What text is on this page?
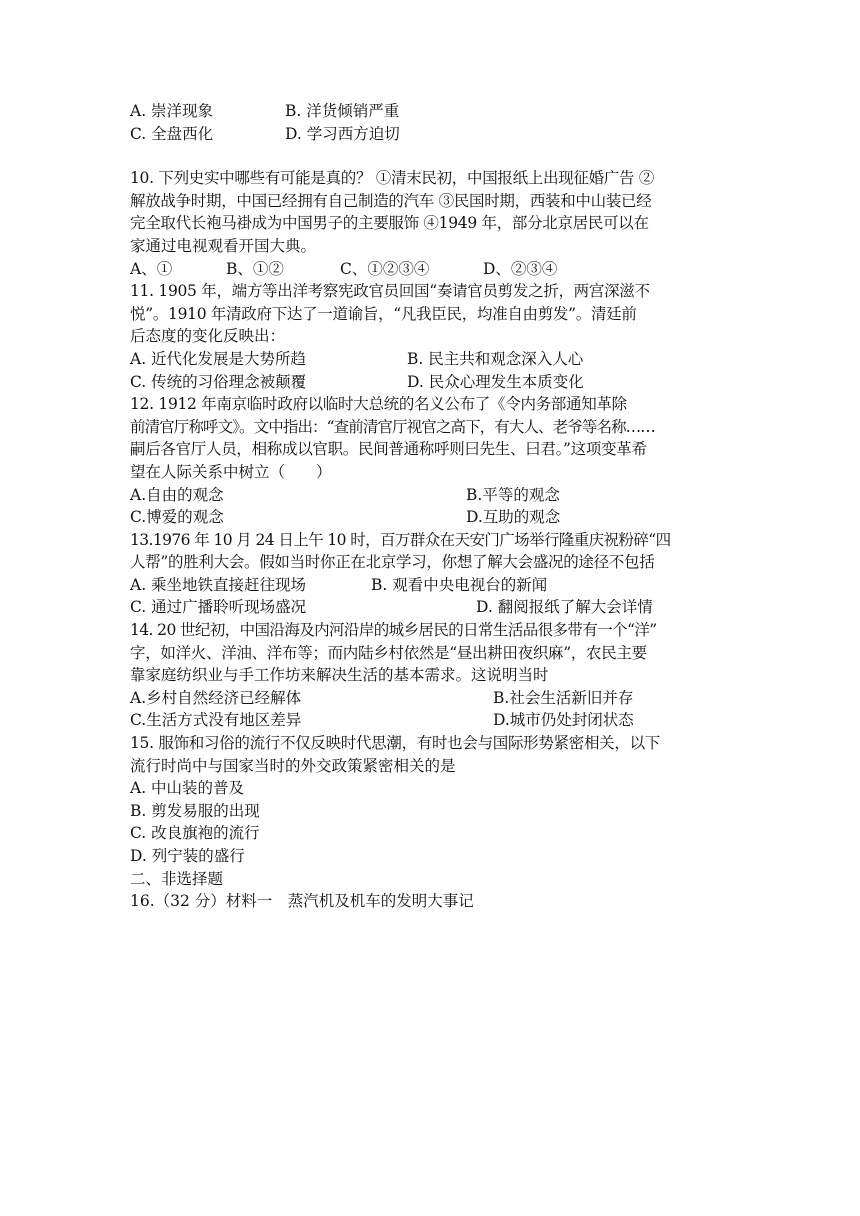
A. 崇洋现象	B. 洋货倾销严重
C. 全盘西化	D. 学习西方迫切
10. 下列史实中哪些有可能是真的？ ①清末民初，中国报纸上出现征婚广告 ②
解放战争时期，中国已经拥有自己制造的汽车 ③民国时期，西装和中山装已经
完全取代长袍马褂成为中国男子的主要服饰 ④1949 年，部分北京居民可以在
家通过电视观看开国大典。
A、①	B、①②	C、①②③④	D、②③④
11. 1905 年，端方等出洋考察宪政官员回国“奏请官员剪发之折，两宫深滋不
悦”。1910 年清政府下达了一道谕旨，“凡我臣民，均准自由剪发”。清廷前
后态度的变化反映出：
A. 近代化发展是大势所趋	B. 民主共和观念深入人心
C. 传统的习俗理念被颠覆	D. 民众心理发生本质变化
12. 1912 年南京临时政府以临时大总统的名义公布了《令内务部通知革除
前清官厅称呼文》。文中指出：“查前清官厅视官之高下，有大人、老爷等名称……
嗣后各官厅人员，相称成以官职。民间普通称呼则曰先生、曰君。”这项变革希
望在人际关系中树立（　　）
A.自由的观念	B.平等的观念
C.博爱的观念	D.互助的观念
13.1976 年 10 月 24 日上午 10 时，百万群众在天安门广场举行隆重庆祝粉碎“四
人帮”的胜利大会。假如当时你正在北京学习，你想了解大会盛况的途径不包括
A. 乘坐地铁直接赶往现场	B. 观看中央电视台的新闻
C. 通过广播聆听现场盛况	D. 翻阅报纸了解大会详情
14. 20 世纪初，中国沿海及内河沿岸的城乡居民的日常生活品很多带有一个“洋”
字，如洋火、洋油、洋布等；而内陆乡村依然是“昼出耕田夜织麻”，农民主要
靠家庭纺织业与手工作坊来解决生活的基本需求。这说明当时
A.乡村自然经济已经解体	B.社会生活新旧并存
C.生活方式没有地区差异	D.城市仍处封闭状态
15. 服饰和习俗的流行不仅反映时代思潮，有时也会与国际形势紧密相关，以下
流行时尚中与国家当时的外交政策紧密相关的是
A. 中山装的普及
B. 剪发易服的出现
C. 改良旗袍的流行
D. 列宁装的盛行
二、非选择题
16.（32 分）材料一　蒸汽机及机车的发明大事记
